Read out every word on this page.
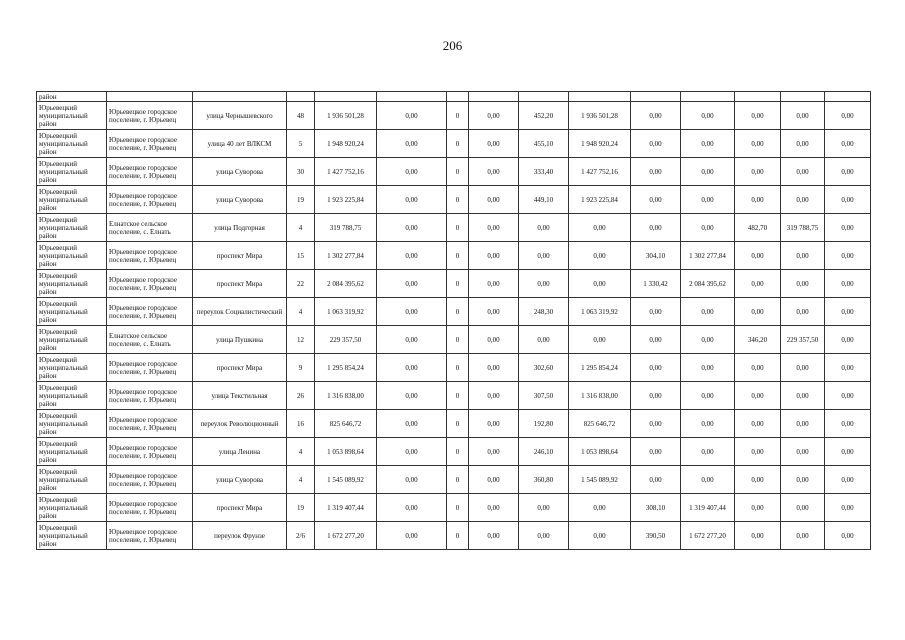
206
район														
Юрьевецкий муниципальный район	Юрьевецкое городское поселение, г. Юрьевец	улица Чернышевского	48	1 936 501,28	0,00	0	0,00	452,20	1 936 501,28	0,00	0,00	0,00	0,00	0,00
Юрьевецкий муниципальный район	Юрьевецкое городское поселение, г. Юрьевец	улица 40 лет ВЛКСМ	5	1 948 920,24	0,00	0	0,00	455,10	1 948 920,24	0,00	0,00	0,00	0,00	0,00
Юрьевецкий муниципальный район	Юрьевецкое городское поселение, г. Юрьевец	улица Суворова	30	1 427 752,16	0,00	0	0,00	333,40	1 427 752,16	0,00	0,00	0,00	0,00	0,00
Юрьевецкий муниципальный район	Юрьевецкое городское поселение, г. Юрьевец	улица Суворова	19	1 923 225,84	0,00	0	0,00	449,10	1 923 225,84	0,00	0,00	0,00	0,00	0,00
Юрьевецкий муниципальный район	Елнатское сельское поселение, с. Елнать	улица Подгорная	4	319 788,75	0,00	0	0,00	0,00	0,00	0,00	0,00	482,70	319 788,75	0,00
Юрьевецкий муниципальный район	Юрьевецкое городское поселение, г. Юрьевец	проспект Мира	15	1 302 277,84	0,00	0	0,00	0,00	0,00	304,10	1 302 277,84	0,00	0,00	0,00
Юрьевецкий муниципальный район	Юрьевецкое городское поселение, г. Юрьевец	проспект Мира	22	2 084 395,62	0,00	0	0,00	0,00	0,00	1 330,42	2 084 395,62	0,00	0,00	0,00
Юрьевецкий муниципальный район	Юрьевецкое городское поселение, г. Юрьевец	переулок Социалистический	4	1 063 319,92	0,00	0	0,00	248,30	1 063 319,92	0,00	0,00	0,00	0,00	0,00
Юрьевецкий муниципальный район	Елнатское сельское поселение, с. Елнать	улица Пушкина	12	229 357,50	0,00	0	0,00	0,00	0,00	0,00	0,00	346,20	229 357,50	0,00
Юрьевецкий муниципальный район	Юрьевецкое городское поселение, г. Юрьевец	проспект Мира	9	1 295 854,24	0,00	0	0,00	302,60	1 295 854,24	0,00	0,00	0,00	0,00	0,00
Юрьевецкий муниципальный район	Юрьевецкое городское поселение, г. Юрьевец	улица Текстильная	26	1 316 838,00	0,00	0	0,00	307,50	1 316 838,00	0,00	0,00	0,00	0,00	0,00
Юрьевецкий муниципальный район	Юрьевецкое городское поселение, г. Юрьевец	переулок Революционный	16	825 646,72	0,00	0	0,00	192,80	825 646,72	0,00	0,00	0,00	0,00	0,00
Юрьевецкий муниципальный район	Юрьевецкое городское поселение, г. Юрьевец	улица Ленина	4	1 053 898,64	0,00	0	0,00	246,10	1 053 898,64	0,00	0,00	0,00	0,00	0,00
Юрьевецкий муниципальный район	Юрьевецкое городское поселение, г. Юрьевец	улица Суворова	4	1 545 089,92	0,00	0	0,00	360,80	1 545 089,92	0,00	0,00	0,00	0,00	0,00
Юрьевецкий муниципальный район	Юрьевецкое городское поселение, г. Юрьевец	проспект Мира	19	1 319 407,44	0,00	0	0,00	0,00	0,00	308,10	1 319 407,44	0,00	0,00	0,00
Юрьевецкий муниципальный район	Юрьевецкое городское поселение, г. Юрьевец	переулок Фрунзе	2/6	1 672 277,20	0,00	0	0,00	0,00	0,00	390,50	1 672 277,20	0,00	0,00	0,00
